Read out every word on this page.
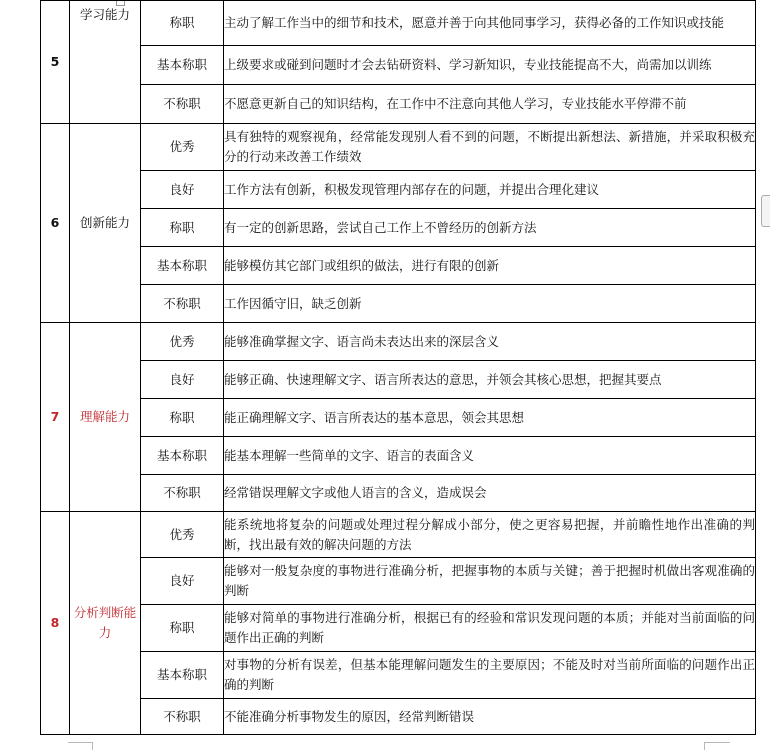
5	学习能力	称职	主动了解工作当中的细节和技术，愿意并善于向其他同事学习，获得必备的工作知识或技能
		基本称职	上级要求或碰到问题时才会去钻研资料、学习新知识，专业技能提高不大，尚需加以训练
		不称职	不愿意更新自己的知识结构，在工作中不注意向其他人学习，专业技能水平停滞不前
6	创新能力	优秀	具有独特的观察视角，经常能发现别人看不到的问题，不断提出新想法、新措施，并采取积极充分的行动来改善工作绩效
		良好	工作方法有创新，积极发现管理内部存在的问题，并提出合理化建议
		称职	有一定的创新思路，尝试自己工作上不曾经历的创新方法
		基本称职	能够模仿其它部门或组织的做法，进行有限的创新
		不称职	工作因循守旧，缺乏创新
7	理解能力	优秀	能够准确掌握文字、语言尚未表达出来的深层含义
		良好	能够正确、快速理解文字、语言所表达的意思，并领会其核心思想，把握其要点
		称职	能正确理解文字、语言所表达的基本意思，领会其思想
		基本称职	能基本理解一些简单的文字、语言的表面含义
		不称职	经常错误理解文字或他人语言的含义，造成误会
8	分析判断能力	优秀	能系统地将复杂的问题或处理过程分解成小部分，使之更容易把握，并前瞻性地作出准确的判断，找出最有效的解决问题的方法
		良好	能够对一般复杂度的事物进行准确分析，把握事物的本质与关键；善于把握时机做出客观准确的判断
		称职	能够对简单的事物进行准确分析，根据已有的经验和常识发现问题的本质；并能对当前面临的问题作出正确的判断
		基本称职	对事物的分析有误差，但基本能理解问题发生的主要原因；不能及时对当前所面临的问题作出正确的判断
		不称职	不能准确分析事物发生的原因，经常判断错误
